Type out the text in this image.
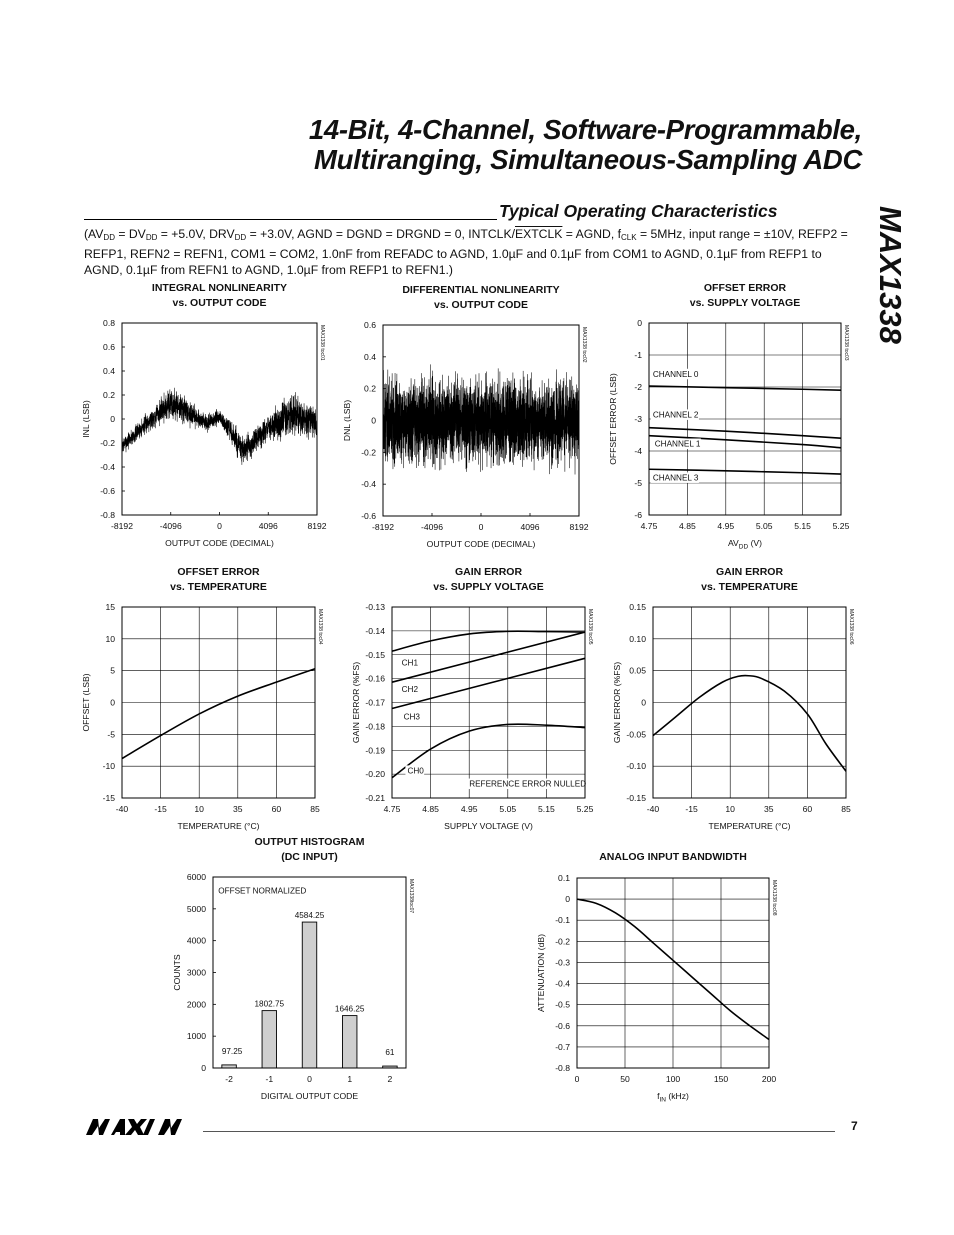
14-Bit, 4-Channel, Software-Programmable,
Multiranging, Simultaneous-Sampling ADC
Typical Operating Characteristics
($AV_{DD} = DV_{DD} = +5.0V$, $DRV_{DD} = +3.0V$, AGND = DGND = DRGND = 0, INTCLK/EXTCLK = AGND, $f_{CLK} = 5MHz$, input range = ±10V, REFP2 = REFP1, REFN2 = REFN1, COM1 = COM2, 1.0nF from REFADC to AGND, 1.0µF and 0.1µF from COM1 to AGND, 0.1µF from REFP1 to AGND, 0.1µF from REFN1 to AGND, 1.0µF from REFP1 to REFN1.)	MAX1338
INTEGRAL NONLINEARITY
vs. OUTPUT CODE
-8192	-4096	0	4096	8192
-0.8
-0.6
-0.4
-0.2
0
0.2
0.4
0.6
0.8
OUTPUT CODE (DECIMAL)
INL (LSB)
MAX1338 toc01
DIFFERENTIAL NONLINEARITY
vs. OUTPUT CODE
-8192	-4096	0	4096	8192
-0.6
-0.4
-0.2
0
0.2
0.4
0.6
OUTPUT CODE (DECIMAL)
DNL (LSB)
MAX1338 toc02
OFFSET ERROR
vs. SUPPLY VOLTAGE
CHANNEL 0
CHANNEL 2
CHANNEL 1
CHANNEL 3
4.75	4.85	4.95	5.05	5.15	5.25
-6
-5
-4
-3
-2
-1
0
$AV_{DD}$ (V)
OFFSET ERROR (LSB)
MAX1338 toc03
OFFSET ERROR
vs. TEMPERATURE
-40	-15	10	35	60	85
-15
-10
-5
0
5
10
15
TEMPERATURE (°C)
OFFSET (LSB)
MAX1338 toc04
GAIN ERROR
vs. SUPPLY VOLTAGE
CH1
CH2
CH3
CH0
REFERENCE ERROR NULLED
4.75	4.85	4.95	5.05	5.15	5.25
-0.21
-0.20
-0.19
-0.18
-0.17
-0.16
-0.15
-0.14
-0.13
SUPPLY VOLTAGE (V)
GAIN ERROR (%FS)
MAX1338 toc05
GAIN ERROR
vs. TEMPERATURE
-40	-15	10	35	60	85
-0.15
-0.10
-0.05
0
0.05
0.10
0.15
TEMPERATURE (°C)
GAIN ERROR (%FS)
MAX1338 toc06
OUTPUT HISTOGRAM
(DC INPUT)
97.25
1802.75
4584.25
1646.25
61
OFFSET NORMALIZED
-2	-1	0	1	2
0
1000
2000
3000
4000
5000
6000
DIGITAL OUTPUT CODE
COUNTS
MAX1338toc07
ANALOG INPUT BANDWIDTH
0	50	100	150	200
-0.8
-0.7
-0.6
-0.5
-0.4
-0.3
-0.2
-0.1
0
0.1
$f_{IN}$ (kHz)
ATTENUATION (dB)
MAX1338 toc08
7
